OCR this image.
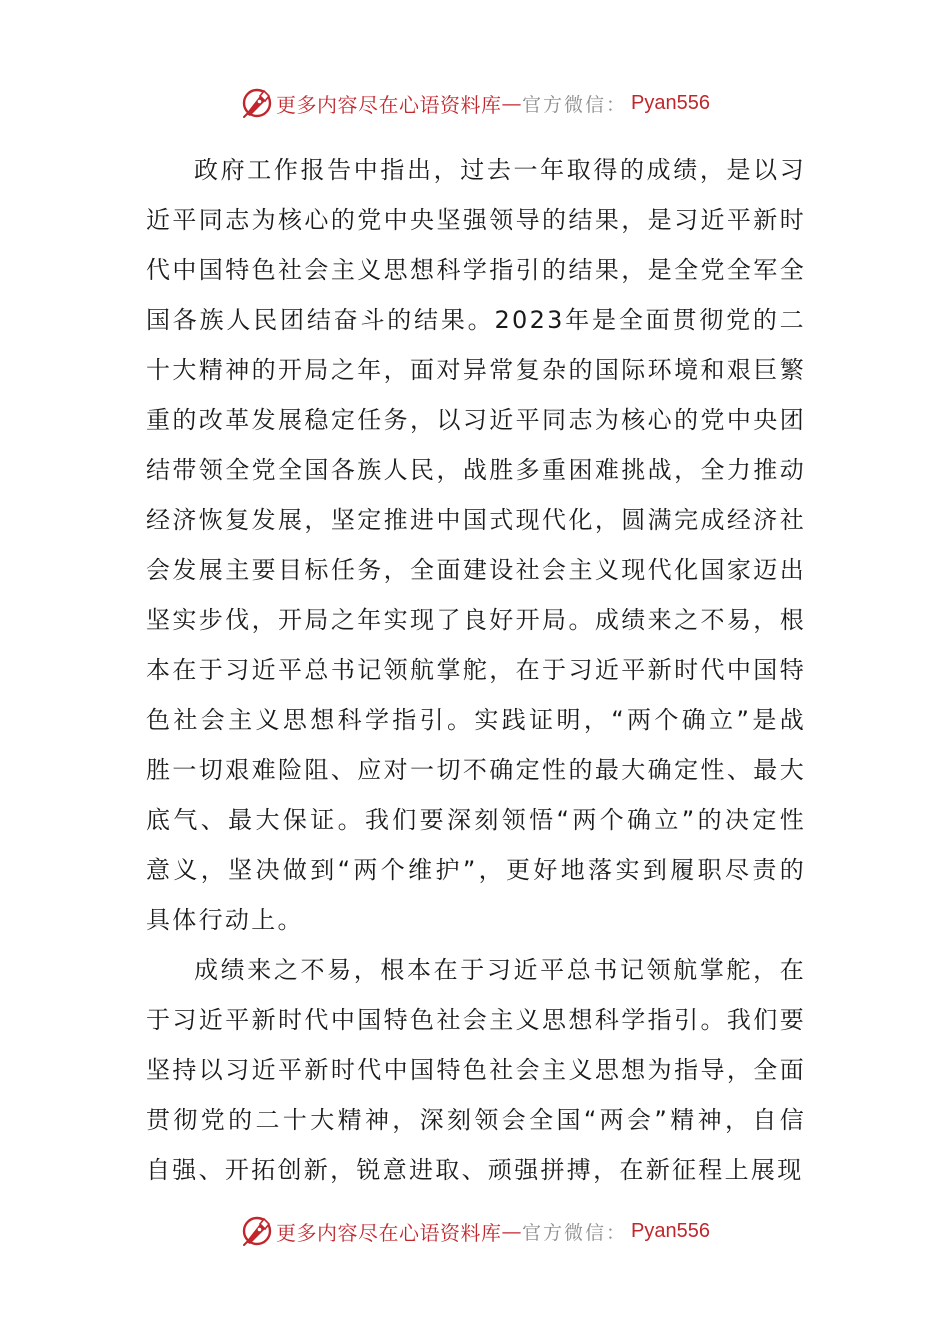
更多内容尽在心语资料库 — 官方微信： Pyan556

政府工作报告中指出，过去一年取得的成绩，是以习近平同志为核心的党中央坚强领导的结果，是习近平新时代中国特色社会主义思想科学指引的结果，是全党全军全国各族人民团结奋斗的结果。2023年是全面贯彻党的二十大精神的开局之年，面对异常复杂的国际环境和艰巨繁重的改革发展稳定任务，以习近平同志为核心的党中央团结带领全党全国各族人民，战胜多重困难挑战，全力推动经济恢复发展，坚定推进中国式现代化，圆满完成经济社会发展主要目标任务，全面建设社会主义现代化国家迈出坚实步伐，开局之年实现了良好开局。成绩来之不易，根本在于习近平总书记领航掌舵，在于习近平新时代中国特色社会主义思想科学指引。实践证明，“两个确立”是战胜一切艰难险阻、应对一切不确定性的最大确定性、最大底气、最大保证。我们要深刻领悟“两个确立”的决定性意义，坚决做到“两个维护”，更好地落实到履职尽责的具体行动上。

成绩来之不易，根本在于习近平总书记领航掌舵，在于习近平新时代中国特色社会主义思想科学指引。我们要坚持以习近平新时代中国特色社会主义思想为指导，全面贯彻党的二十大精神，深刻领会全国“两会”精神，自信自强、开拓创新，锐意进取、顽强拼搏，在新征程上展现

更多内容尽在心语资料库 — 官方微信： Pyan556
